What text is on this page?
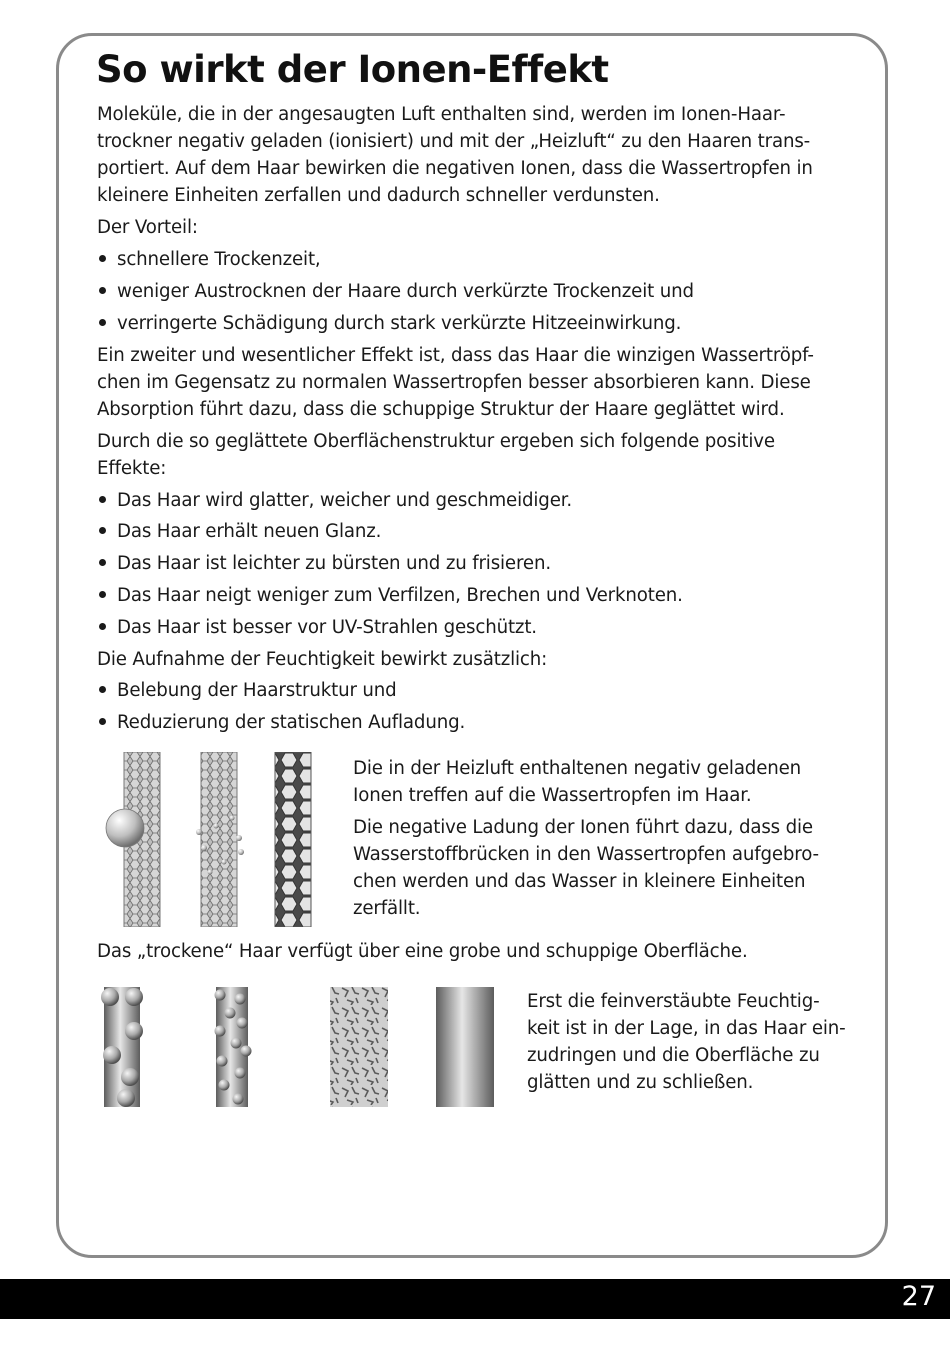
So wirkt der Ionen-Effekt

Moleküle, die in der angesaugten Luft enthalten sind, werden im Ionen-Haar-

trockner negativ geladen (ionisiert) und mit der „Heizluft“ zu den Haaren trans-

portiert. Auf dem Haar bewirken die negativen Ionen, dass die Wassertropfen in

kleinere Einheiten zerfallen und dadurch schneller verdunsten.

Der Vorteil:

schnellere Trockenzeit,

weniger Austrocknen der Haare durch verkürzte Trockenzeit und

verringerte Schädigung durch stark verkürzte Hitzeeinwirkung.

Ein zweiter und wesentlicher Effekt ist, dass das Haar die winzigen Wassertröpf-

chen im Gegensatz zu normalen Wassertropfen besser absorbieren kann. Diese

Absorption führt dazu, dass die schuppige Struktur der Haare geglättet wird.

Durch die so geglättete Oberflächenstruktur ergeben sich folgende positive

Effekte:

Das Haar wird glatter, weicher und geschmeidiger.

Das Haar erhält neuen Glanz.

Das Haar ist leichter zu bürsten und zu frisieren.

Das Haar neigt weniger zum Verfilzen, Brechen und Verknoten.

Das Haar ist besser vor UV-Strahlen geschützt.

Die Aufnahme der Feuchtigkeit bewirkt zusätzlich:

Belebung der Haarstruktur und

Reduzierung der statischen Aufladung.

Die in der Heizluft enthaltenen negativ geladenen

Ionen treffen auf die Wassertropfen im Haar.

Die negative Ladung der Ionen führt dazu, dass die

Wasserstoffbrücken in den Wassertropfen aufgebro-

chen werden und das Wasser in kleinere Einheiten

zerfällt.

Das „trockene“ Haar verfügt über eine grobe und schuppige Oberfläche.

Erst die feinverstäubte Feuchtig-

keit ist in der Lage, in das Haar ein-

zudringen und die Oberfläche zu

glätten und zu schließen.

27
